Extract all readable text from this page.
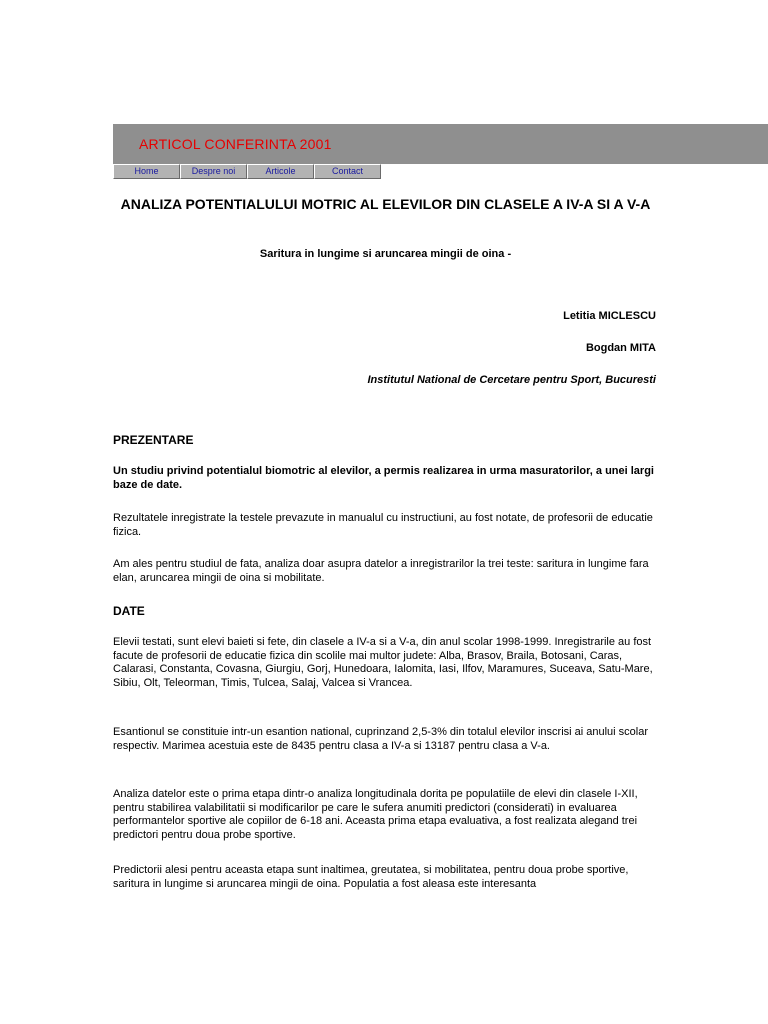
ARTICOL CONFERINTA 2001
Home	Despre noi	Articole	Contact
ANALIZA POTENTIALULUI MOTRIC AL ELEVILOR DIN CLASELE A IV-A SI A V-A
Saritura in lungime si aruncarea mingii de oina -
Letitia MICLESCU
Bogdan MITA
Institutul National de Cercetare pentru Sport, Bucuresti
PREZENTARE
Un studiu privind potentialul biomotric al elevilor, a permis realizarea in urma masuratorilor, a unei largi baze de date.
Rezultatele inregistrate la testele prevazute in manualul cu instructiuni, au fost notate, de profesorii de educatie fizica.
Am ales pentru studiul de fata, analiza doar asupra datelor a inregistrarilor la trei teste: saritura in lungime fara elan, aruncarea mingii de oina si mobilitate.
DATE
Elevii testati, sunt elevi baieti si fete, din clasele a IV-a si a V-a, din anul scolar 1998-1999. Inregistrarile au fost facute de profesorii de educatie fizica din scolile mai multor judete: Alba, Brasov, Braila, Botosani, Caras, Calarasi, Constanta, Covasna, Giurgiu, Gorj, Hunedoara, Ialomita, Iasi, Ilfov, Maramures, Suceava, Satu-Mare, Sibiu, Olt, Teleorman, Timis, Tulcea, Salaj, Valcea si Vrancea.
Esantionul se constituie intr-un esantion national, cuprinzand 2,5-3% din totalul elevilor inscrisi ai anului scolar respectiv. Marimea acestuia este de 8435 pentru clasa a IV-a si 13187 pentru clasa a V-a.
Analiza datelor este o prima etapa dintr-o analiza longitudinala dorita pe populatiile de elevi din clasele I-XII, pentru stabilirea valabilitatii si modificarilor pe care le sufera anumiti predictori (considerati) in evaluarea performantelor sportive ale copiilor de 6-18 ani. Aceasta prima etapa evaluativa, a fost realizata alegand trei predictori pentru doua probe sportive.
Predictorii alesi pentru aceasta etapa sunt inaltimea, greutatea, si mobilitatea, pentru doua probe sportive, saritura in lungime si aruncarea mingii de oina. Populatia a fost aleasa este interesanta
